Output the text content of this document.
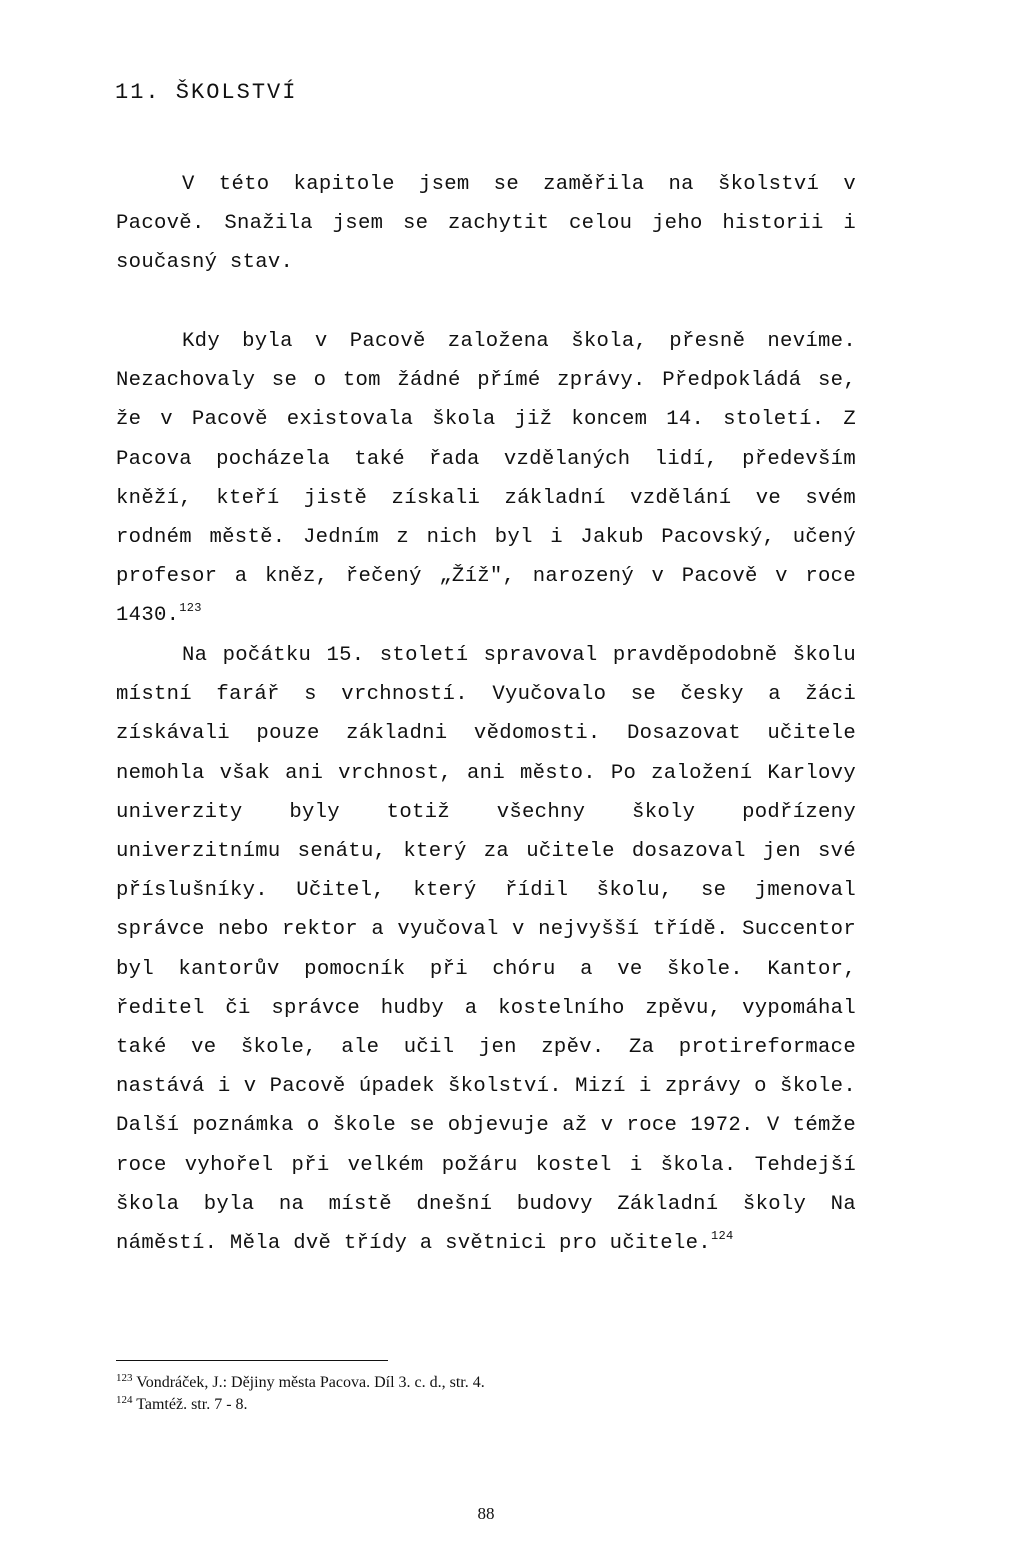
11. ŠKOLSTVÍ

V této kapitole jsem se zaměřila na školství v Pacově. Snažila jsem se zachytit celou jeho historii i současný stav.

Kdy byla v Pacově založena škola, přesně nevíme. Nezachovaly se o tom žádné přímé zprávy. Předpokládá se, že v Pacově existovala škola již koncem 14. století. Z Pacova pocházela také řada vzdělaných lidí, především kněží, kteří jistě získali základní vzdělání ve svém rodném městě. Jedním z nich byl i Jakub Pacovský, učený profesor a kněz, řečený „Žíž", narozený v Pacově v roce 1430.$^{123}$

Na počátku 15. století spravoval pravděpodobně školu místní farář s vrchností. Vyučovalo se česky a žáci získávali pouze základni vědomosti. Dosazovat učitele nemohla však ani vrchnost, ani město. Po založení Karlovy univerzity byly totiž všechny školy podřízeny univerzitnímu senátu, který za učitele dosazoval jen své příslušníky. Učitel, který řídil školu, se jmenoval správce nebo rektor a vyučoval v nejvyšší třídě. Succentor byl kantorův pomocník při chóru a ve škole. Kantor, ředitel či správce hudby a kostelního zpěvu, vypomáhal také ve škole, ale učil jen zpěv. Za protireformace nastává i v Pacově úpadek školství. Mizí i zprávy o škole. Další poznámka o škole se objevuje až v roce 1972. V témže roce vyhořel při velkém požáru kostel i škola. Tehdejší škola byla na místě dnešní budovy Základní školy Na náměstí. Měla dvě třídy a světnici pro učitele.$^{124}$

$^{123}$ Vondráček, J.: Dějiny města Pacova. Díl 3. c. d., str. 4.
$^{124}$ Tamtéž. str. 7 - 8.
88
